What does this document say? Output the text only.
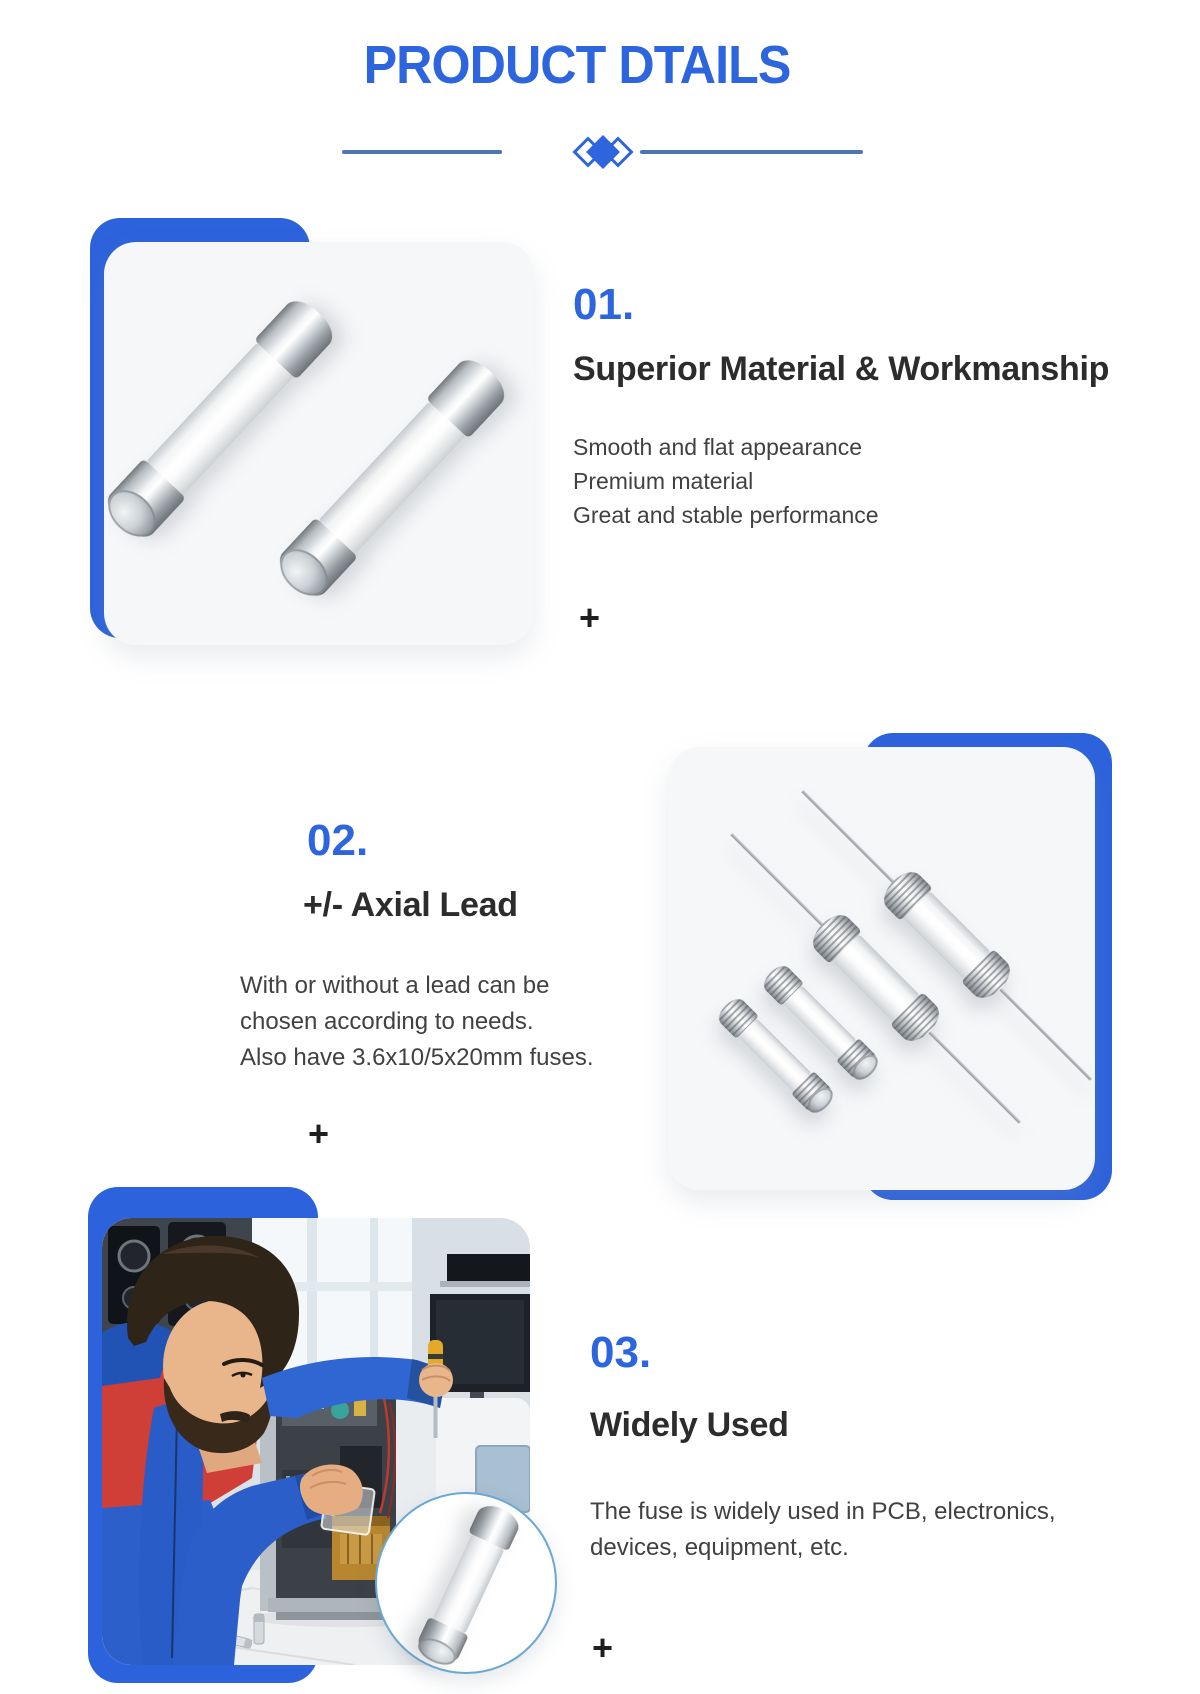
PRODUCT DTAILS
01.
Superior Material & Workmanship
Smooth and flat appearance
Premium material
Great and stable performance
+
02.
+/- Axial Lead
With or without a lead can be
chosen according to needs.
Also have 3.6x10/5x20mm fuses.
+
03.
Widely Used
The fuse is widely used in PCB, electronics,
devices, equipment, etc.
+
